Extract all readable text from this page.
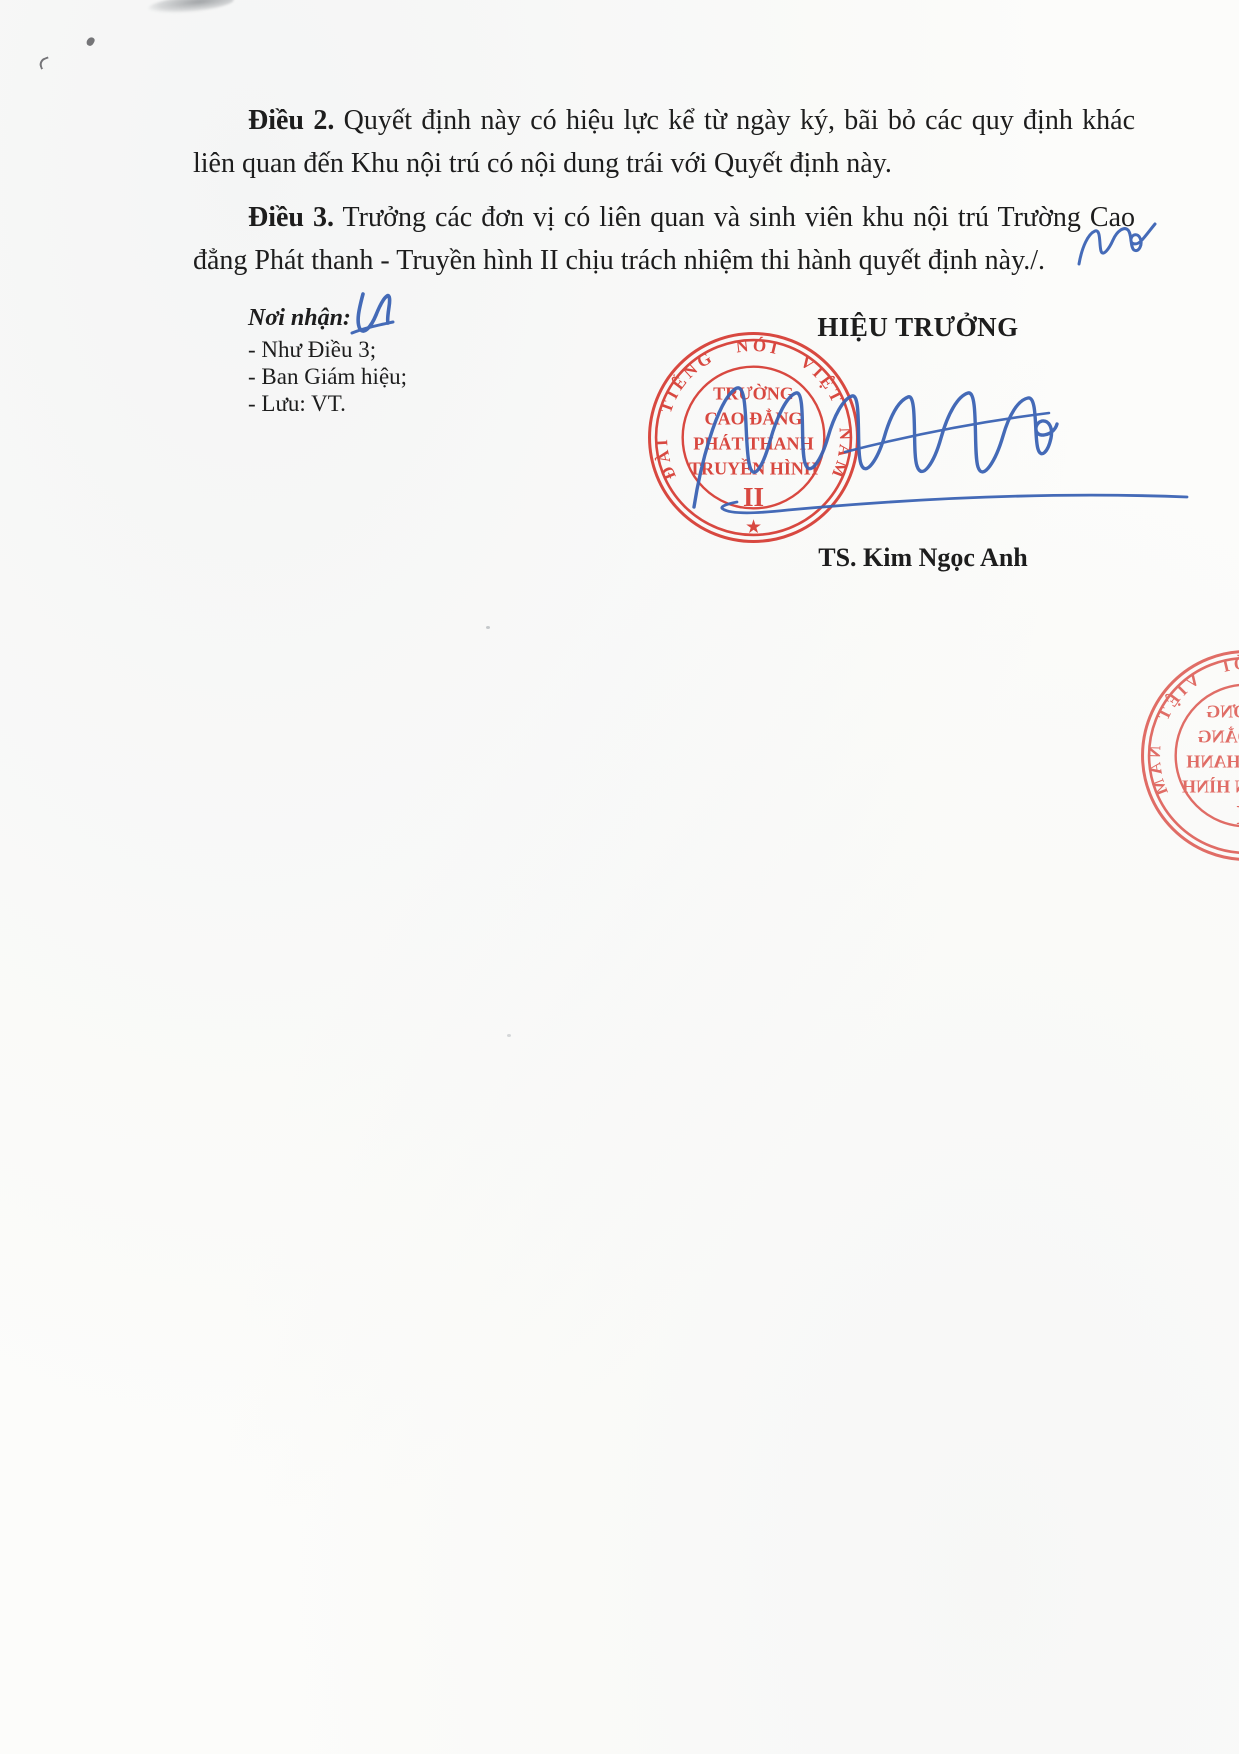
Điều 2. Quyết định này có hiệu lực kể từ ngày ký, bãi bỏ các quy định khác liên quan đến Khu nội trú có nội dung trái với Quyết định này.

Điều 3. Trưởng các đơn vị có liên quan và sinh viên khu nội trú Trường Cao đẳng Phát thanh - Truyền hình II chịu trách nhiệm thi hành quyết định này./.

Nơi nhận:
- Như Điều 3;
- Ban Giám hiệu;
- Lưu: VT.
HIỆU TRƯỞNG
TS. Kim Ngọc Anh
ĐÀI TIẾNG NÓI VIỆT NAM
★
TRƯỜNG
CAO ĐẲNG
PHÁT THANH
TRUYỀN HÌNH
II
